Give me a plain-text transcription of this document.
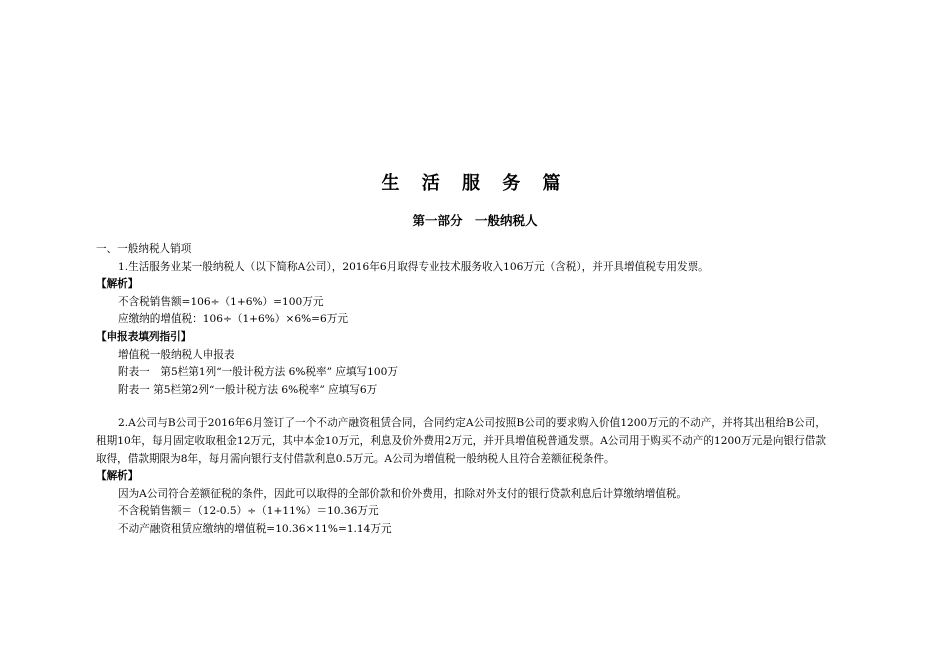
生 活 服 务 篇
第一部分　一般纳税人
一、一般纳税人销项
1.生活服务业某一般纳税人（以下简称A公司），2016年6月取得专业技术服务收入106万元（含税），并开具增值税专用发票。
【解析】
不含税销售额=106÷（1+6%）=100万元
应缴纳的增值税：106÷（1+6%）×6%=6万元
【申报表填列指引】
增值税一般纳税人申报表
附表一　第5栏第1列“一般计税方法 6%税率” 应填写100万
附表一 第5栏第2列“一般计税方法 6%税率” 应填写6万
2.A公司与B公司于2016年6月签订了一个不动产融资租赁合同，合同约定A公司按照B公司的要求购入价值1200万元的不动产，并将其出租给B公司，租期10年，每月固定收取租金12万元，其中本金10万元，利息及价外费用2万元，并开具增值税普通发票。A公司用于购买不动产的1200万元是向银行借款取得，借款期限为8年，每月需向银行支付借款利息0.5万元。A公司为增值税一般纳税人且符合差额征税条件。
【解析】
因为A公司符合差额征税的条件，因此可以取得的全部价款和价外费用，扣除对外支付的银行贷款利息后计算缴纳增值税。
不含税销售额＝（12-0.5）÷（1+11%）＝10.36万元
不动产融资租赁应缴纳的增值税=10.36×11%=1.14万元
